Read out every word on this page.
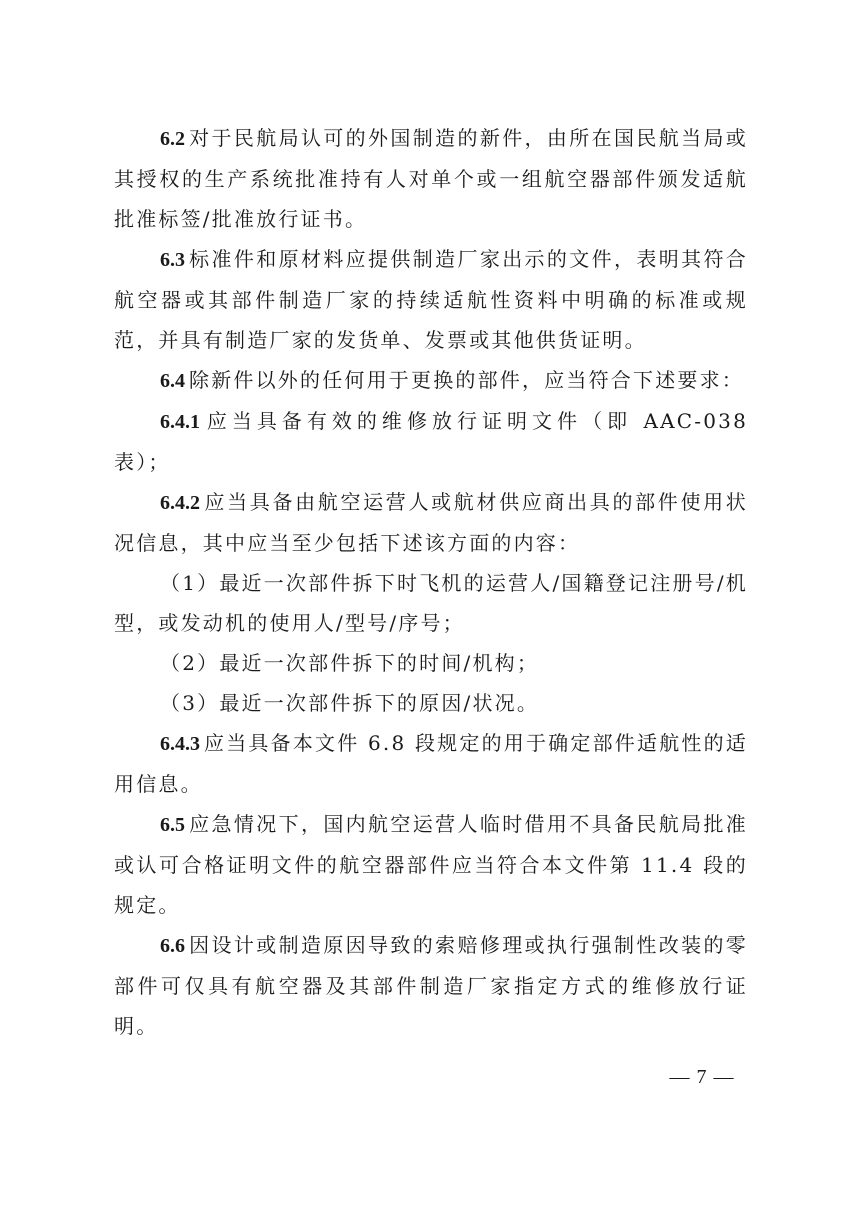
6.2 对于民航局认可的外国制造的新件，由所在国民航当局或其授权的生产系统批准持有人对单个或一组航空器部件颁发适航批准标签/批准放行证书。

6.3 标准件和原材料应提供制造厂家出示的文件，表明其符合航空器或其部件制造厂家的持续适航性资料中明确的标准或规范，并具有制造厂家的发货单、发票或其他供货证明。

6.4 除新件以外的任何用于更换的部件，应当符合下述要求：

6.4.1 应当具备有效的维修放行证明文件（即 AAC-038 表）；

6.4.2 应当具备由航空运营人或航材供应商出具的部件使用状况信息，其中应当至少包括下述该方面的内容：

（1）最近一次部件拆下时飞机的运营人/国籍登记注册号/机型，或发动机的使用人/型号/序号；

（2）最近一次部件拆下的时间/机构；

（3）最近一次部件拆下的原因/状况。

6.4.3 应当具备本文件 6.8 段规定的用于确定部件适航性的适用信息。

6.5 应急情况下，国内航空运营人临时借用不具备民航局批准或认可合格证明文件的航空器部件应当符合本文件第 11.4 段的规定。

6.6 因设计或制造原因导致的索赔修理或执行强制性改装的零部件可仅具有航空器及其部件制造厂家指定方式的维修放行证明。

— 7 —
